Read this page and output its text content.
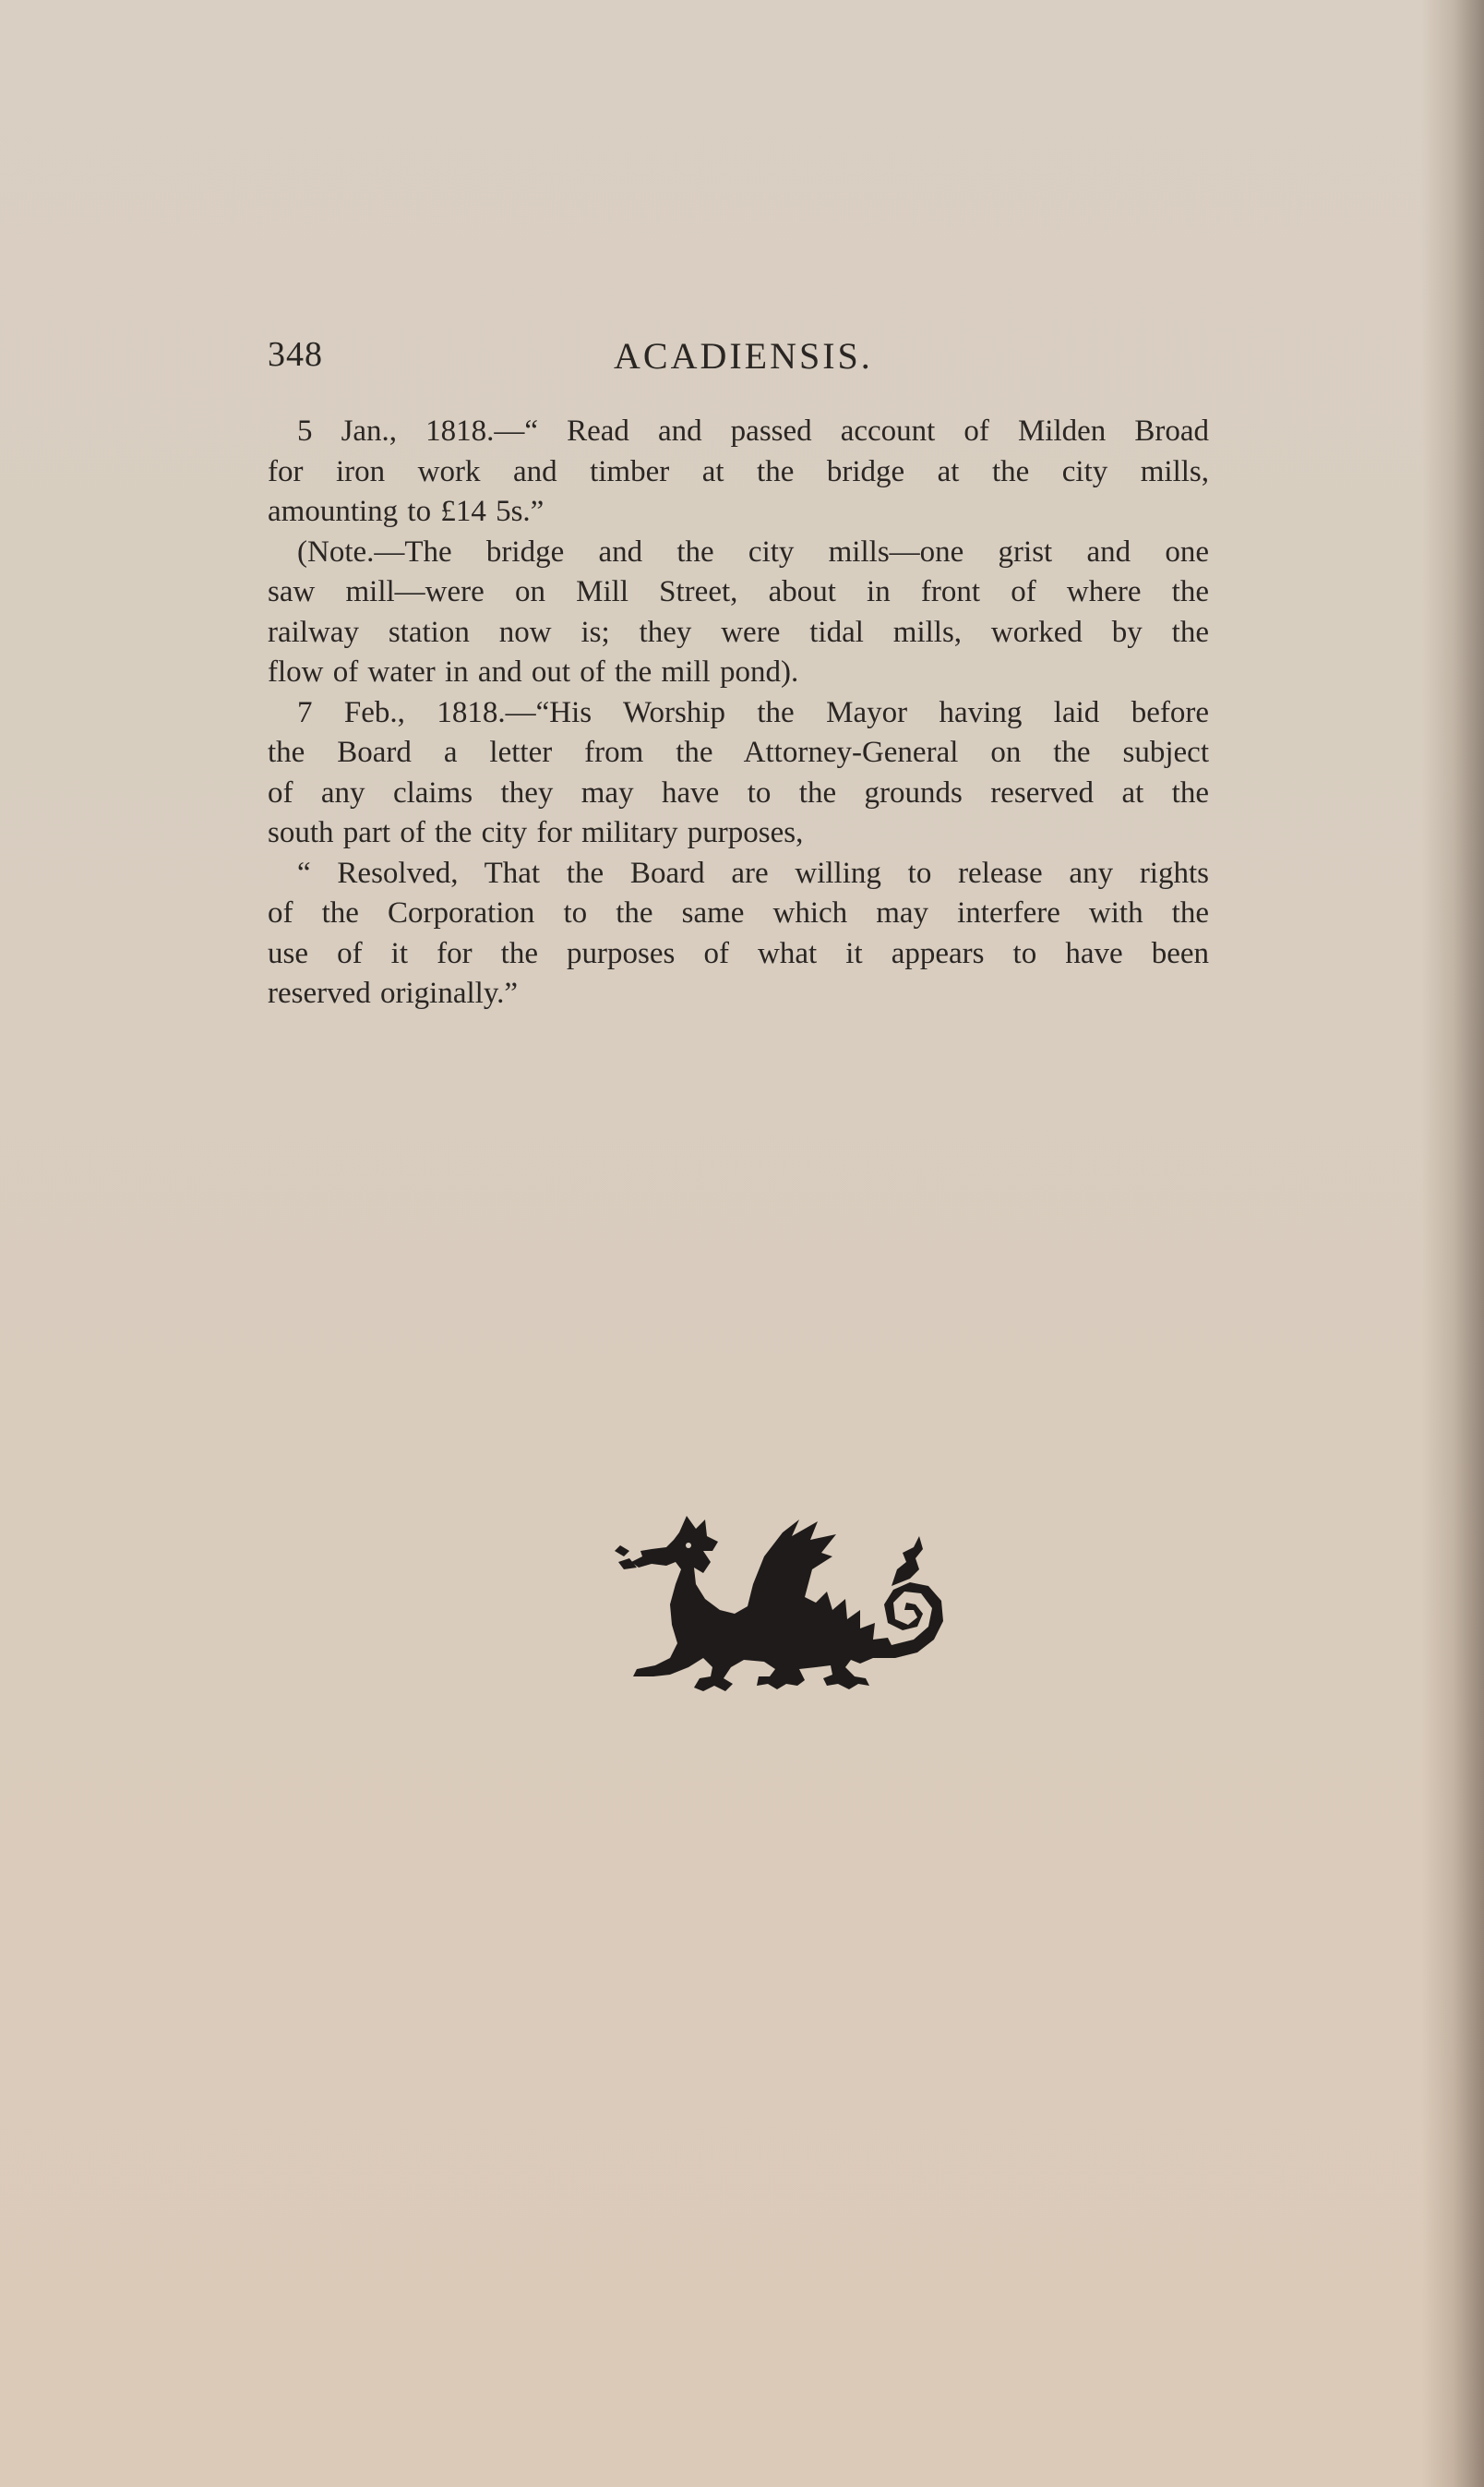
348	ACADIENSIS.
5 Jan., 1818.—“ Read and passed account of Milden Broad
for iron work and timber at the bridge at the city mills,
amounting to £14 5s.”
(Note.—The bridge and the city mills—one grist and one
saw mill—were on Mill Street, about in front of where the
railway station now is; they were tidal mills, worked by the
flow of water in and out of the mill pond).
7 Feb., 1818.—“His Worship the Mayor having laid before
the Board a letter from the Attorney-General on the subject
of any claims they may have to the grounds reserved at the
south part of the city for military purposes,
“ Resolved, That the Board are willing to release any rights
of the Corporation to the same which may interfere with the
use of it for the purposes of what it appears to have been
reserved originally.”
